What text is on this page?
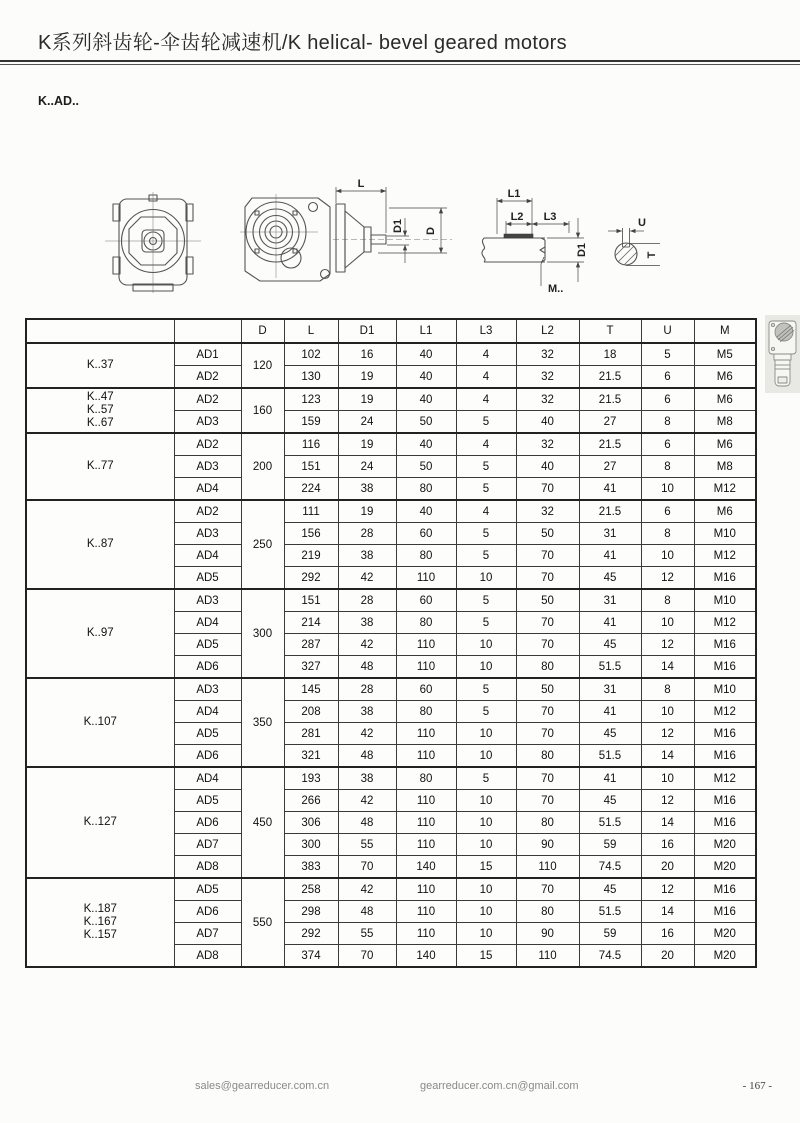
K系列斜齿轮-伞齿轮减速机/K helical- bevel geared motors
K..AD..
L
D1 D
L1
L2 L3
D1
M..
U
T
		D	L	D1	L1	L3	L2	T	U	M

K..37	AD1	120	102	16	40	4	32	18	5	M5
	AD2		130	19	40	4	32	21.5	6	M6

K..47
K..57
K..67	AD2	160	123	19	40	4	32	21.5	6	M6
	AD3		159	24	50	5	40	27	8	M8

K..77	AD2	200	116	19	40	4	32	21.5	6	M6
	AD3		151	24	50	5	40	27	8	M8
	AD4		224	38	80	5	70	41	10	M12

K..87	AD2	250	111	19	40	4	32	21.5	6	M6
	AD3		156	28	60	5	50	31	8	M10
	AD4		219	38	80	5	70	41	10	M12
	AD5		292	42	110	10	70	45	12	M16

K..97	AD3	300	151	28	60	5	50	31	8	M10
	AD4		214	38	80	5	70	41	10	M12
	AD5		287	42	110	10	70	45	12	M16
	AD6		327	48	110	10	80	51.5	14	M16

K..107	AD3	350	145	28	60	5	50	31	8	M10
	AD4		208	38	80	5	70	41	10	M12
	AD5		281	42	110	10	70	45	12	M16
	AD6		321	48	110	10	80	51.5	14	M16

K..127	AD4	450	193	38	80	5	70	41	10	M12
	AD5		266	42	110	10	70	45	12	M16
	AD6		306	48	110	10	80	51.5	14	M16
	AD7		300	55	110	10	90	59	16	M20
	AD8		383	70	140	15	110	74.5	20	M20

K..187
K..167
K..157	AD5	550	258	42	110	10	70	45	12	M16
	AD6		298	48	110	10	80	51.5	14	M16
	AD7		292	55	110	10	90	59	16	M20
	AD8		374	70	140	15	110	74.5	20	M20
sales@gearreducer.com.cn	gearreducer.com.cn@gmail.com	- 167 -
